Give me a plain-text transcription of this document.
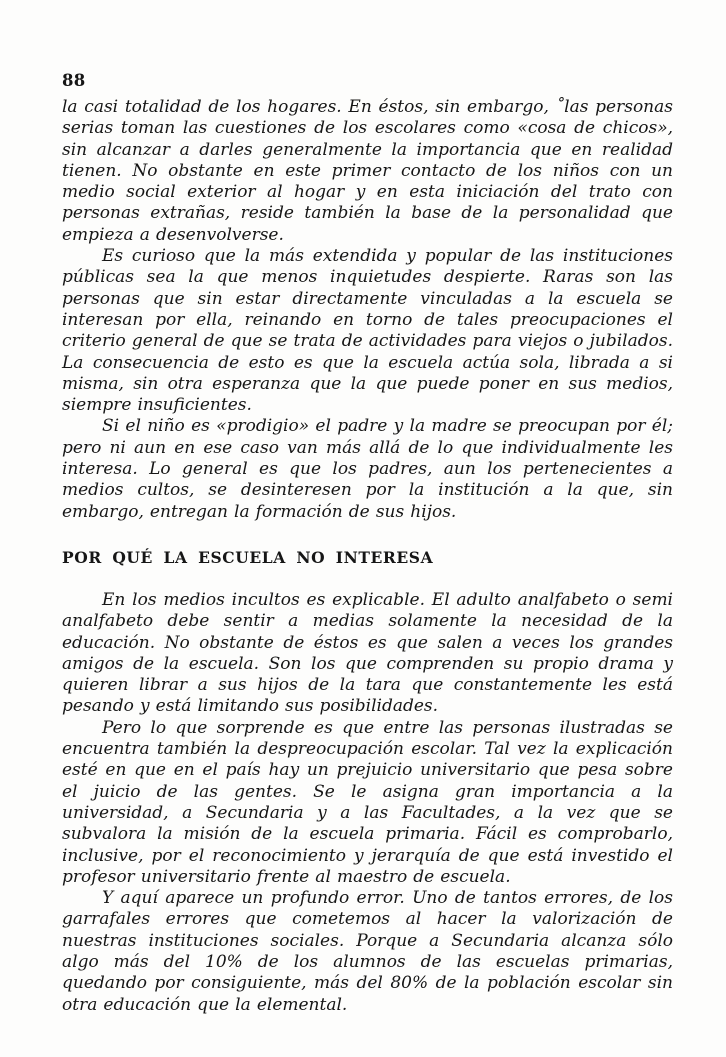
88

la casi totalidad de los hogares. En éstos, sin embargo, ˚las personas serias toman las cuestiones de los escolares como «cosa de chicos», sin alcanzar a darles generalmente la importancia que en realidad tienen. No obstante en este primer contacto de los niños con un medio social exterior al hogar y en esta iniciación del trato con personas extrañas, reside también la base de la personalidad que empieza a desenvolverse.

Es curioso que la más extendida y popular de las instituciones públicas sea la que menos inquietudes despierte. Raras son las personas que sin estar directamente vinculadas a la escuela se interesan por ella, reinando en torno de tales preocupaciones el criterio general de que se trata de actividades para viejos o jubilados. La consecuencia de esto es que la escuela actúa sola, librada a si misma, sin otra esperanza que la que puede poner en sus medios, siempre insuficientes.

Si el niño es «prodigio» el padre y la madre se preocupan por él; pero ni aun en ese caso van más allá de lo que individualmente les interesa. Lo general es que los padres, aun los pertenecientes a medios cultos, se desinteresen por la institución a la que, sin embargo, entregan la formación de sus hijos.

POR QUÉ LA ESCUELA NO INTERESA

En los medios incultos es explicable. El adulto analfabeto o semi analfabeto debe sentir a medias solamente la necesidad de la educación. No obstante de éstos es que salen a veces los grandes amigos de la escuela. Son los que comprenden su propio drama y quieren librar a sus hijos de la tara que constantemente les está pesando y está limitando sus posibilidades.

Pero lo que sorprende es que entre las personas ilustradas se encuentra también la despreocupación escolar. Tal vez la explicación esté en que en el país hay un prejuicio universitario que pesa sobre el juicio de las gentes. Se le asigna gran importancia a la universidad, a Secundaria y a las Facultades, a la vez que se subvalora la misión de la escuela primaria. Fácil es comprobarlo, inclusive, por el reconocimiento y jerarquía de que está investido el profesor universitario frente al maestro de escuela.

Y aquí aparece un profundo error. Uno de tantos errores, de los garrafales errores que cometemos al hacer la valorización de nuestras instituciones sociales. Porque a Secundaria alcanza sólo algo más del 10% de los alumnos de las escuelas primarias, quedando por consiguiente, más del 80% de la población escolar sin otra educación que la elemental.
